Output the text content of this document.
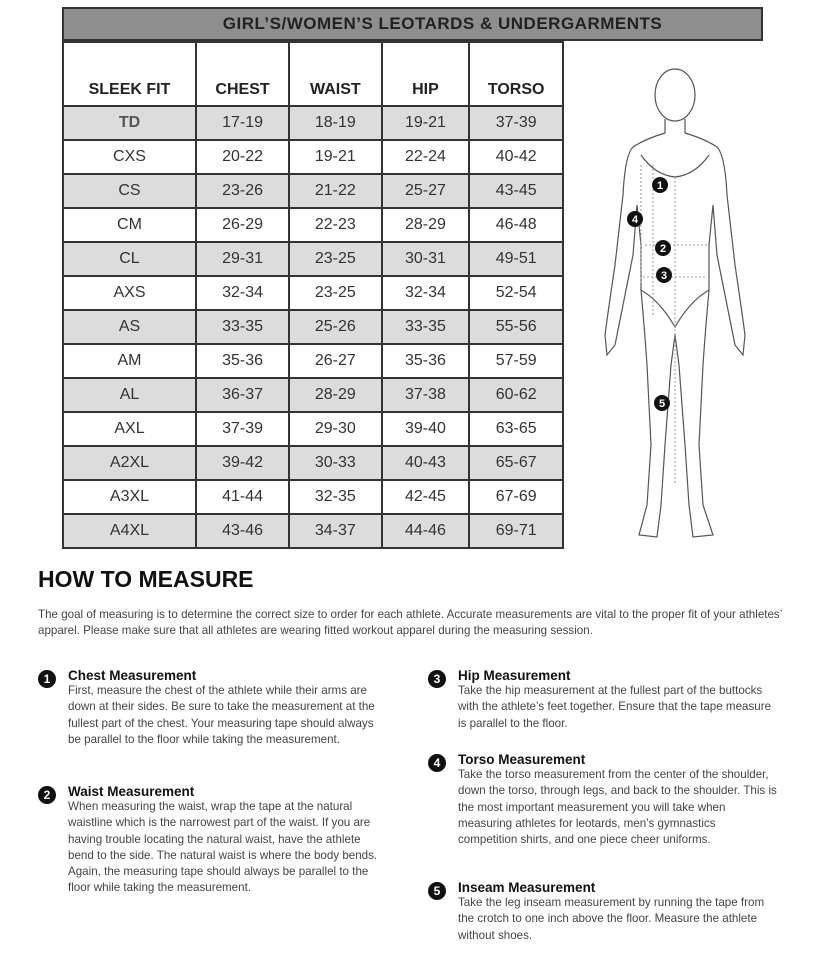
GIRL’S/WOMEN’S LEOTARDS & UNDERGARMENTS
SLEEK FIT	CHEST	WAIST	HIP	TORSO
TD	17-19	18-19	19-21	37-39
CXS	20-22	19-21	22-24	40-42
CS	23-26	21-22	25-27	43-45
CM	26-29	22-23	28-29	46-48
CL	29-31	23-25	30-31	49-51
AXS	32-34	23-25	32-34	52-54
AS	33-35	25-26	33-35	55-56
AM	35-36	26-27	35-36	57-59
AL	36-37	28-29	37-38	60-62
AXL	37-39	29-30	39-40	63-65
A2XL	39-42	30-33	40-43	65-67
A3XL	41-44	32-35	42-45	67-69
A4XL	43-46	34-37	44-46	69-71
1
2
3
4
5
HOW TO MEASURE
The goal of measuring is to determine the correct size to order for each athlete. Accurate measurements are vital to the proper fit of your athletes’ apparel. Please make sure that all athletes are wearing fitted workout apparel during the measuring session.
1	Chest Measurement

First, measure the chest of the athlete while their arms are down at their sides. Be sure to take the measurement at the fullest part of the chest. Your measuring tape should always be parallel to the floor while taking the measurement.

2	Waist Measurement

When measuring the waist, wrap the tape at the natural waistline which is the narrowest part of the waist. If you are having trouble locating the natural waist, have the athlete bend to the side. The natural waist is where the body bends. Again, the measuring tape should always be parallel to the floor while taking the measurement.

3	Hip Measurement

Take the hip measurement at the fullest part of the buttocks with the athlete’s feet together. Ensure that the tape measure is parallel to the floor.

4	Torso Measurement

Take the torso measurement from the center of the shoulder, down the torso, through legs, and back to the shoulder. This is the most important measurement you will take when measuring athletes for leotards, men’s gymnastics competition shirts, and one piece cheer uniforms.

5	Inseam Measurement

Take the leg inseam measurement by running the tape from the crotch to one inch above the floor. Measure the athlete without shoes.
